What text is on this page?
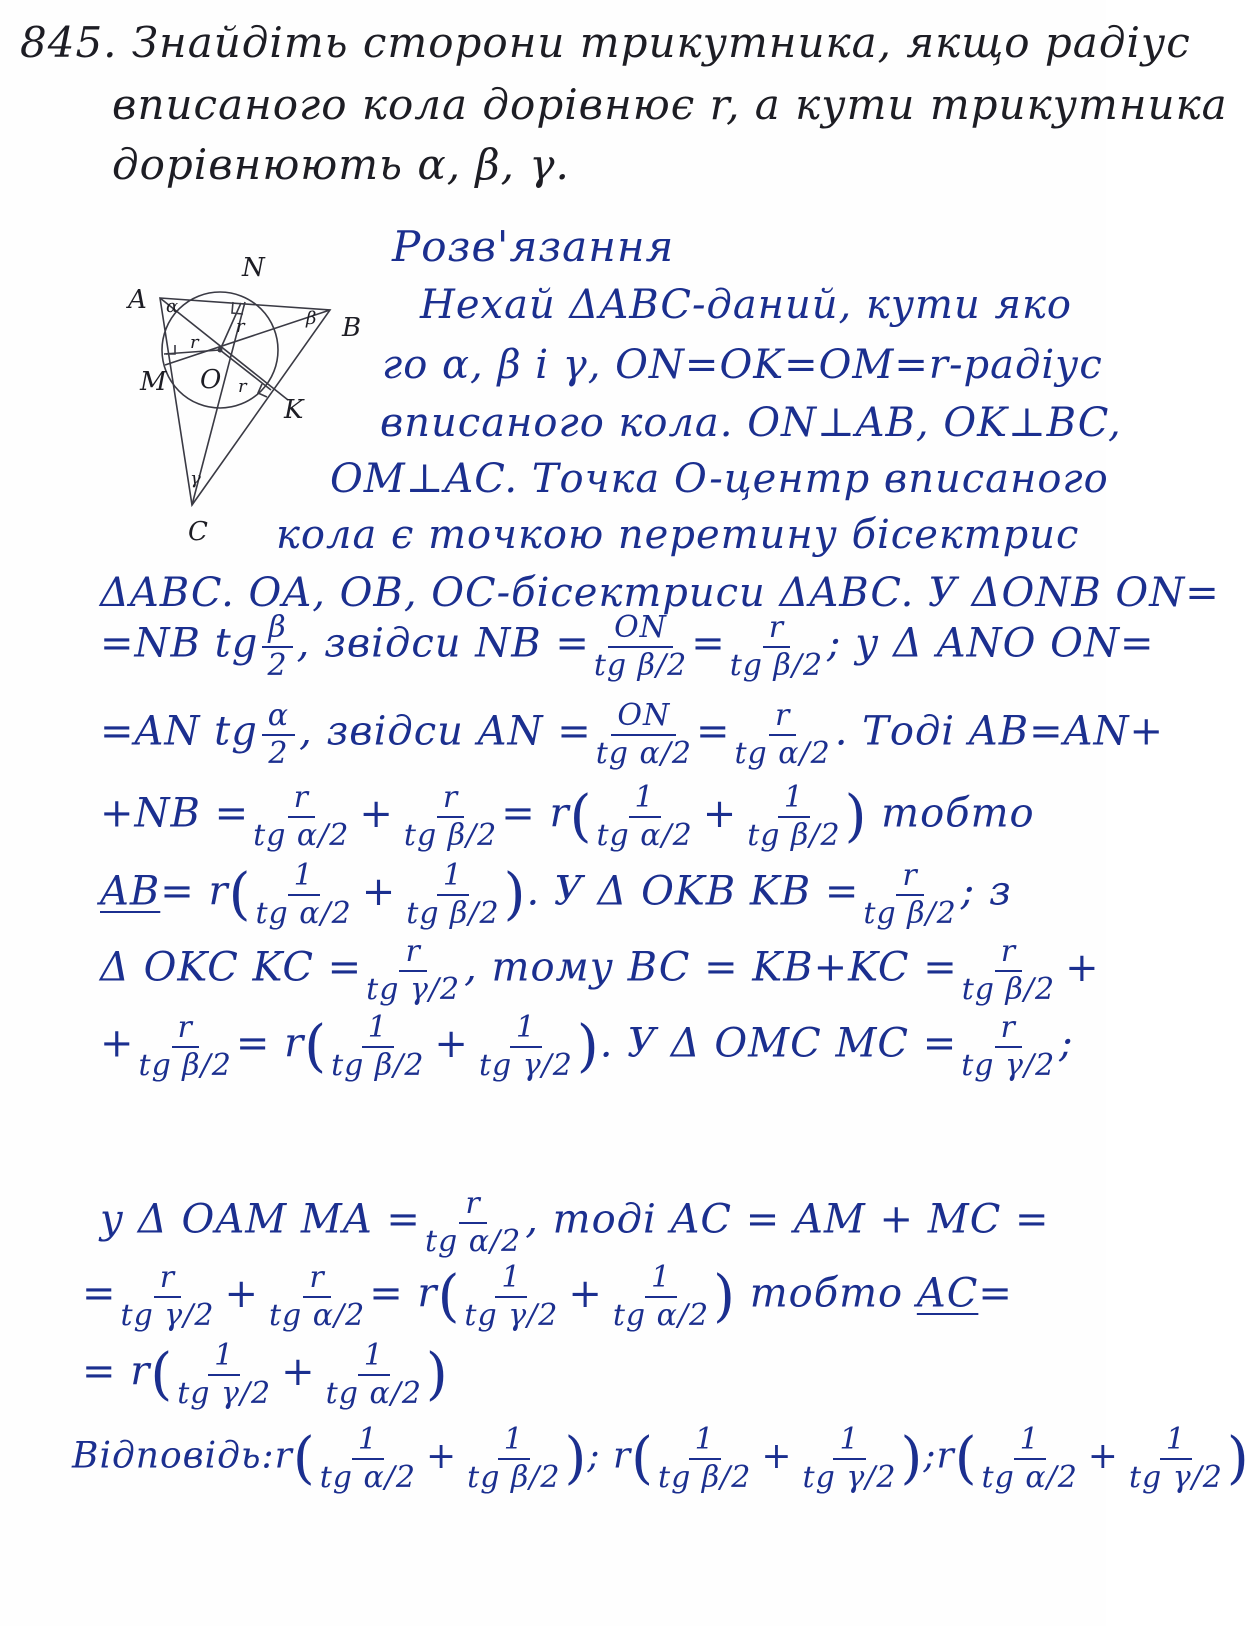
845. Знайдіть сторони трикутника, якщо радіус
вписаного кола дорівнює r, а кути трикутника
дорівнюють α, β, γ.
A
N
B
M O
K
C
α
β
γ
r
r
r
Розв'язання
Нехай ΔABC-даний, кути яко
го α, β і γ, ON=OK=OM=r-радіус
вписаного кола. ON⊥AB, OK⊥BC,
OM⊥AC. Точка O-центр вписаного
кола є точкою перетину бісектрис
ΔABC. OA, OB, OC-бісектриси ΔABC. У ΔONB ON=
=NB tg $\frac{\beta}{2}$ , звідси NB = $\frac{ON}{\text{tg β/2}} = \frac{r}{\text{tg β/2}}$ ; у Δ ANO ON=
=AN tg $\frac{\alpha}{2}$ , звідси AN = $\frac{ON}{\text{tg α/2}} = \frac{r}{\text{tg α/2}}$ . Тоді AB=AN+
$+NB = \frac{r}{\text{tg α/2}} + \frac{r}{\text{tg β/2}} = r( \frac{1}{\text{tg α/2}} + \frac{1}{\text{tg β/2}}$ ) тобто
$AB= r( \frac{1}{\text{tg α/2}} + \frac{1}{\text{tg β/2}}$ ). У Δ OKB KB = $\frac{r}{\text{tg β/2}}$ ; з
Δ OKC KC = $\frac{r}{\text{tg γ/2}}$ , тому BC = $KB+KC = \frac{r}{\text{tg β/2}}$ +
+ $\frac{r}{\text{tg β/2}} = r( \frac{1}{\text{tg β/2}} + \frac{1}{\text{tg γ/2}}$ ). У Δ OMC MC = $\frac{r}{\text{tg γ/2}}$ ;
у Δ OAM MA = $\frac{r}{\text{tg α/2}}$ , тоді AC = AM + MC =
= $\frac{r}{\text{tg γ/2}} + \frac{r}{\text{tg α/2}} = r( \frac{1}{\text{tg γ/2}} + \frac{1}{\text{tg α/2}}$ ) тобто AC=
= $r( \frac{1}{\text{tg γ/2}} + \frac{1}{\text{tg α/2}}$ )
Відповідь:r( $\frac{1}{\text{tg α/2}} + \frac{1}{\text{tg β/2}}$ ); $r( \frac{1}{\text{tg β/2}} + \frac{1}{\text{tg γ/2}}$ );r( $\frac{1}{\text{tg α/2}} + \frac{1}{\text{tg γ/2}}$ )
